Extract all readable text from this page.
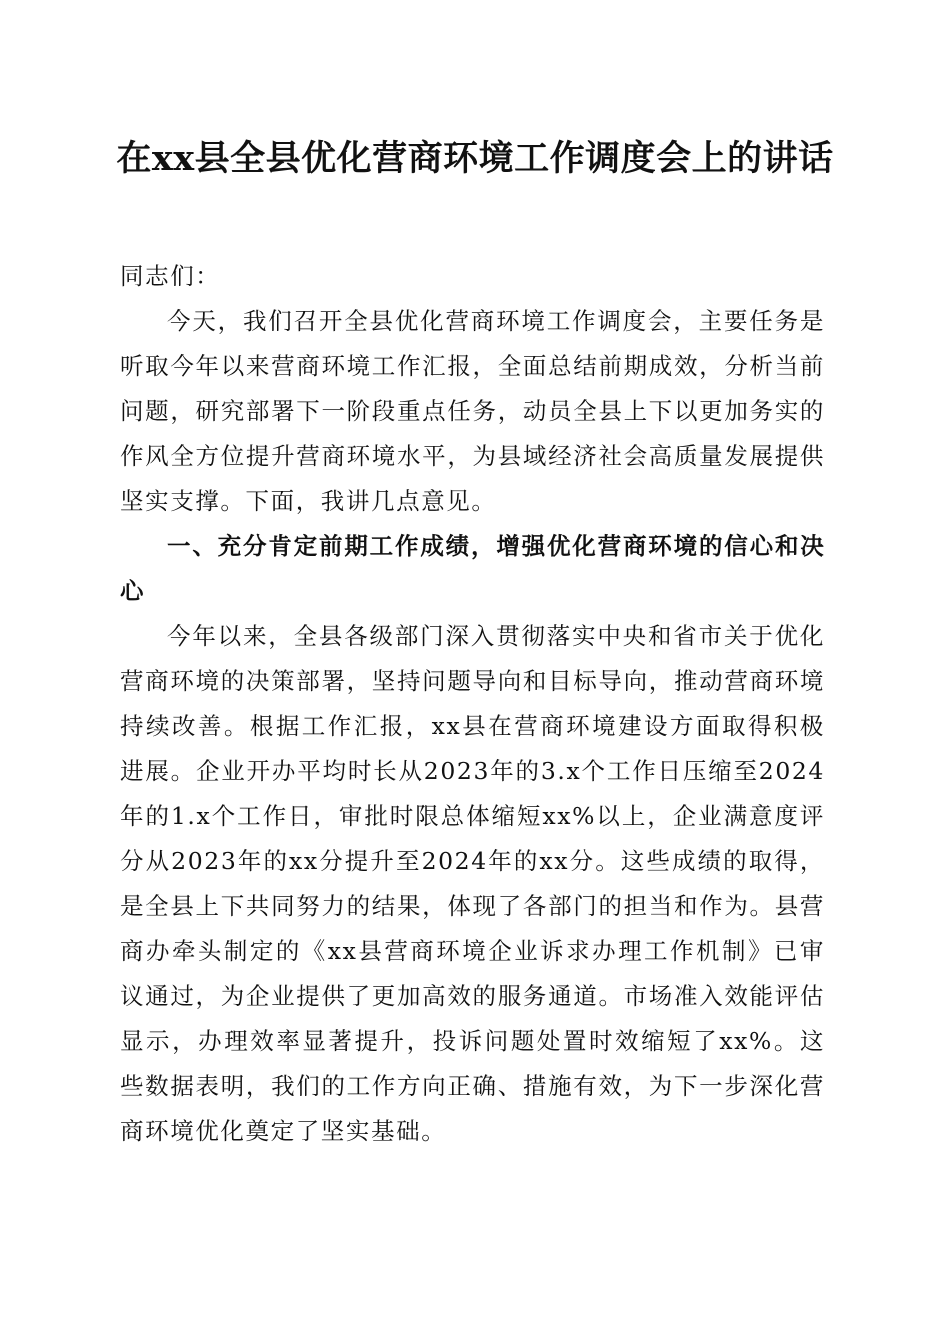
在xx县全县优化营商环境工作调度会上的讲话

同志们：

今天，我们召开全县优化营商环境工作调度会，主要任务是听取今年以来营商环境工作汇报，全面总结前期成效，分析当前问题，研究部署下一阶段重点任务，动员全县上下以更加务实的作风全方位提升营商环境水平，为县域经济社会高质量发展提供坚实支撑。下面，我讲几点意见。

一、充分肯定前期工作成绩，增强优化营商环境的信心和决心

今年以来，全县各级部门深入贯彻落实中央和省市关于优化营商环境的决策部署，坚持问题导向和目标导向，推动营商环境持续改善。根据工作汇报，xx县在营商环境建设方面取得积极进展。企业开办平均时长从2023年的3.x个工作日压缩至2024年的1.x个工作日，审批时限总体缩短xx%以上，企业满意度评分从2023年的xx分提升至2024年的xx分。这些成绩的取得，是全县上下共同努力的结果，体现了各部门的担当和作为。县营商办牵头制定的《xx县营商环境企业诉求办理工作机制》已审议通过，为企业提供了更加高效的服务通道。市场准入效能评估显示，办理效率显著提升，投诉问题处置时效缩短了xx%。这些数据表明，我们的工作方向正确、措施有效，为下一步深化营商环境优化奠定了坚实基础。
